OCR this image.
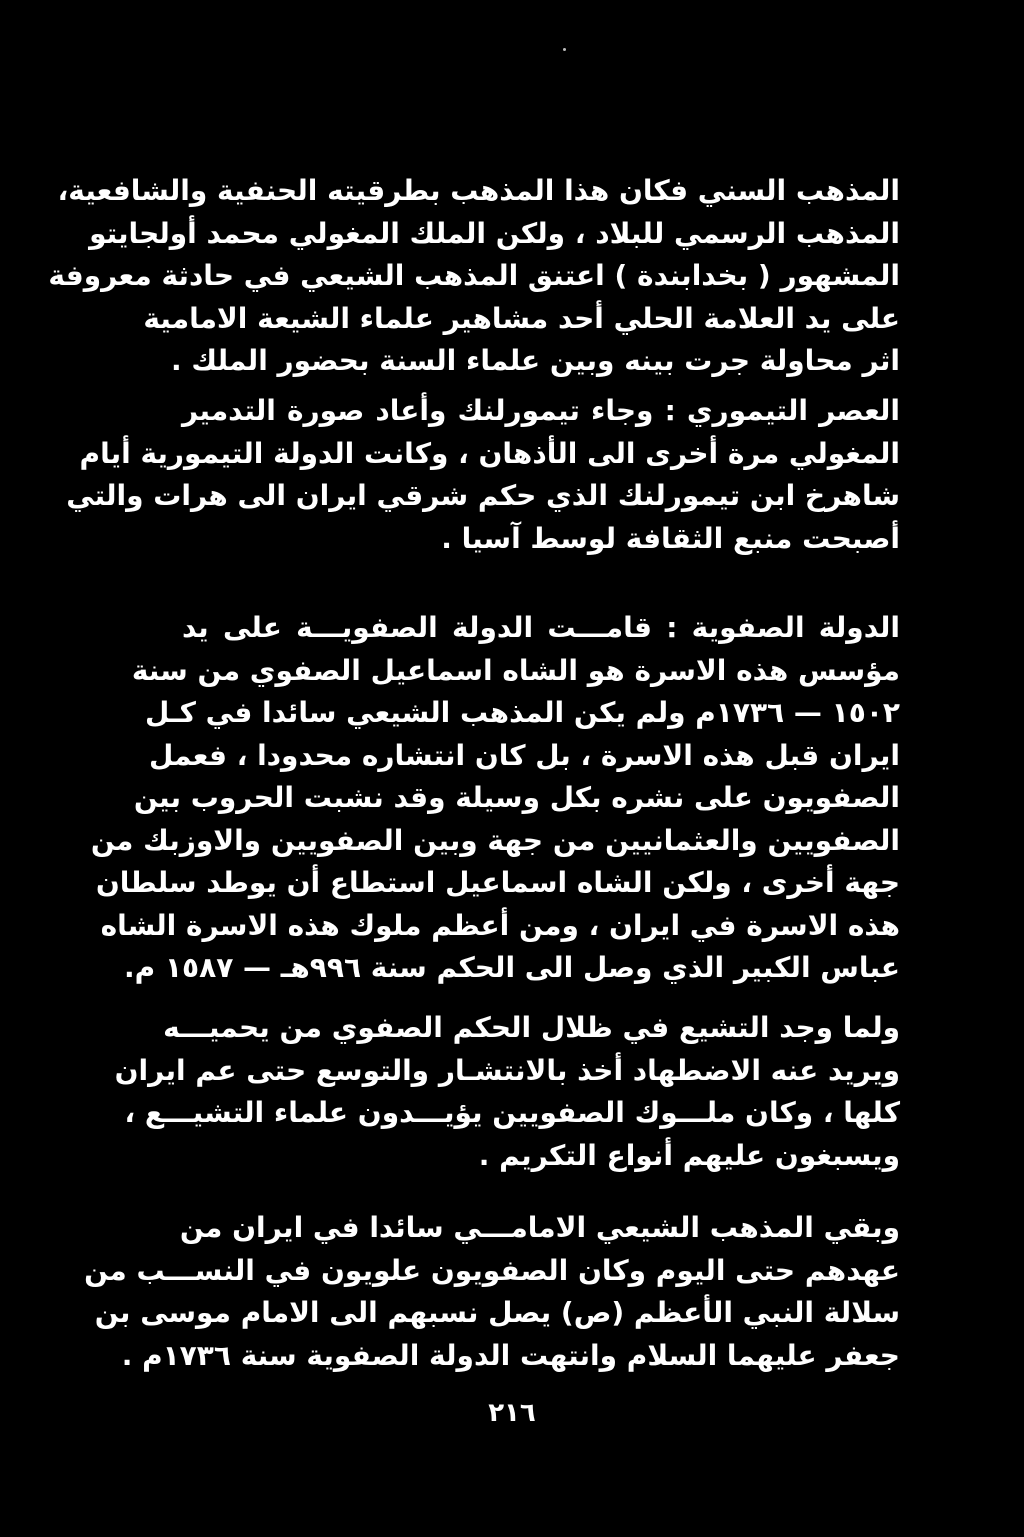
المذهب السني فكان هذا المذهب بطرقيته الحنفية والشافعية،
المذهب الرسمي للبلاد ، ولكن الملك المغولي محمد أولجايتو
المشهور ( بخدابندة ) اعتنق المذهب الشيعي في حادثة معروفة
على يد العلامة الحلي أحد مشاهير علماء الشيعة الامامية
اثر محاولة جرت بينه وبين علماء السنة بحضور الملك .
العصر التيموري : وجاء تيمورلنك وأعاد صورة التدمير
المغولي مرة أخرى الى الأذهان ، وكانت الدولة التيمورية أيام
شاهرخ ابن تيمورلنك الذي حكم شرقي ايران الى هرات والتي
أصبحت منبع الثقافة لوسط آسيا .
الدولة الصفوية : قامـــت الدولة الصفويـــة على يد
مؤسس هذه الاسرة هو الشاه اسماعيل الصفوي من سنة
١٥٠٢ — ١٧٣٦م ولم يكن المذهب الشيعي سائدا في كـل
ايران قبل هذه الاسرة ، بل كان انتشاره محدودا ، فعمل
الصفويون على نشره بكل وسيلة وقد نشبت الحروب بين
الصفويين والعثمانيين من جهة وبين الصفويين والاوزبك من
جهة أخرى ، ولكن الشاه اسماعيل استطاع أن يوطد سلطان
هذه الاسرة في ايران ، ومن أعظم ملوك هذه الاسرة الشاه
عباس الكبير الذي وصل الى الحكم سنة ٩٩٦هـ — ١٥٨٧ م.
ولما وجد التشيع في ظلال الحكم الصفوي من يحميـــه
ويريد عنه الاضطهاد أخذ بالانتشـار والتوسع حتى عم ايران
كلها ، وكان ملـــوك الصفويين يؤيـــدون علماء التشيـــع ،
ويسبغون عليهم أنواع التكريم .
وبقي المذهب الشيعي الامامـــي سائدا في ايران من
عهدهم حتى اليوم وكان الصفويون علويون في النســـب من
سلالة النبي الأعظم (ص) يصل نسبهم الى الامام موسى بن
جعفر عليهما السلام وانتهت الدولة الصفوية سنة ١٧٣٦م .
٢١٦
